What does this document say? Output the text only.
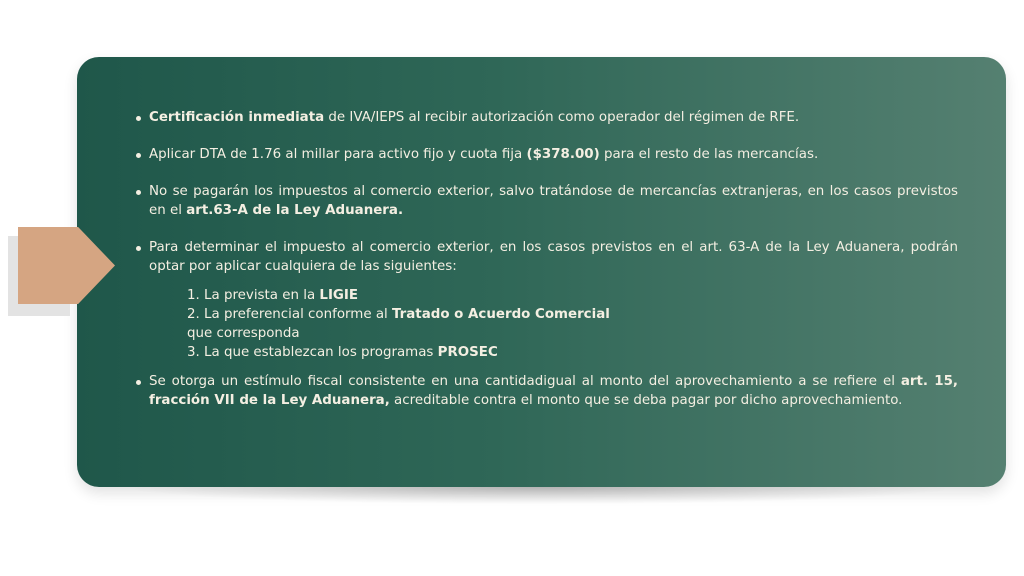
Certificación inmediata de IVA/IEPS al recibir autorización como operador del régimen de RFE.
Aplicar DTA de 1.76 al millar para activo fijo y cuota fija ($378.00) para el resto de las mercancías.
No se pagarán los impuestos al comercio exterior, salvo tratándose de mercancías extranjeras, en los casos previstos en el art.63-A de la Ley Aduanera.
Para determinar el impuesto al comercio exterior, en los casos previstos en el art. 63-A de la Ley Aduanera, podrán optar por aplicar cualquiera de las siguientes:
1. La prevista en la LIGIE
2. La preferencial conforme al Tratado o Acuerdo Comercial
que corresponda
3. La que establezcan los programas PROSEC
Se otorga un estímulo fiscal consistente en una cantidadigual al monto del aprovechamiento a se refiere el art. 15, fracción VII de la Ley Aduanera, acreditable contra el monto que se deba pagar por dicho aprovechamiento.
